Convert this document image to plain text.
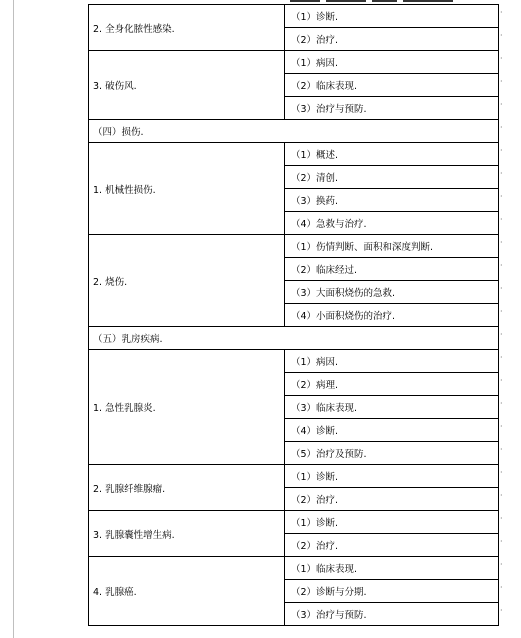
2. 全身化脓性感染.	（1）诊断.
	（2）治疗.
3. 破伤风.	（1）病因.
	（2）临床表现.
	（3）治疗与预防.
（四）损伤.	
1. 机械性损伤.	（1）概述.
	（2）清创.
	（3）换药.
	（4）急救与治疗.
2. 烧伤.	（1）伤情判断、面积和深度判断.
	（2）临床经过.
	（3）大面积烧伤的急救.
	（4）小面积烧伤的治疗.
（五）乳房疾病.	
1. 急性乳腺炎.	（1）病因.
	（2）病理.
	（3）临床表现.
	（4）诊断.
	（5）治疗及预防.
2. 乳腺纤维腺瘤.	（1）诊断.
	（2）治疗.
3. 乳腺囊性增生病.	（1）诊断.
	（2）治疗.
4. 乳腺癌.	（1）临床表现.
	（2）诊断与分期.
	（3）治疗与预防.
·
·
·
·
·
·
·
·
·
·
·
·
·
·
·
·
·
·
·
·
·
·
·
·
·
·
·
